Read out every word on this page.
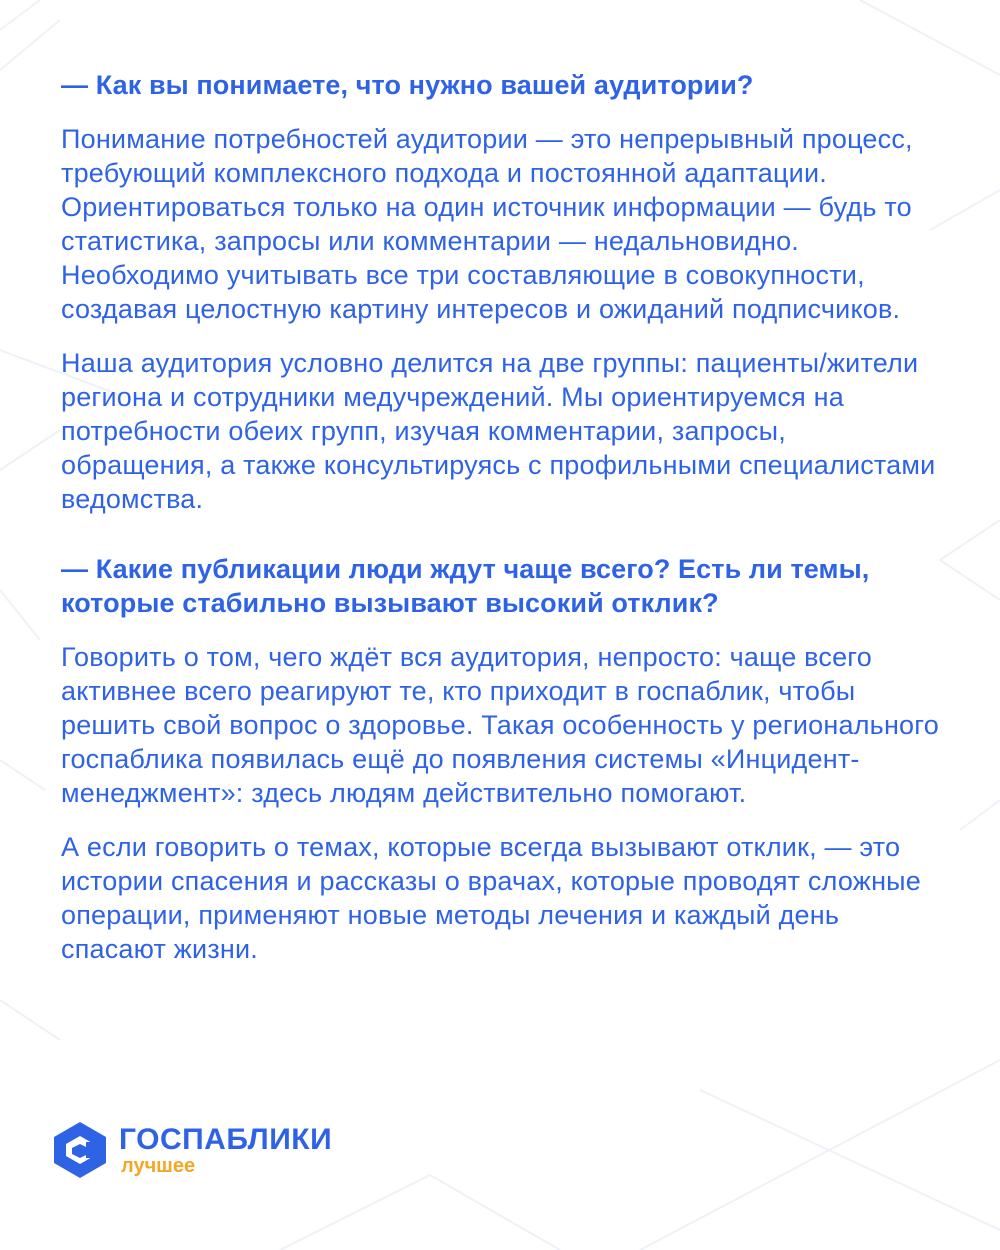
— Как вы понимаете, что нужно вашей аудитории?

Понимание потребностей аудитории — это непрерывный процесс, требующий комплексного подхода и постоянной адаптации. Ориентироваться только на один источник информации — будь то статистика, запросы или комментарии — недальновидно. Необходимо учитывать все три составляющие в совокупности, создавая целостную картину интересов и ожиданий подписчиков.

Наша аудитория условно делится на две группы: пациенты/жители региона и сотрудники медучреждений. Мы ориентируемся на потребности обеих групп, изучая комментарии, запросы, обращения, а также консультируясь с профильными специалистами ведомства.

— Какие публикации люди ждут чаще всего? Есть ли темы, которые стабильно вызывают высокий отклик?

Говорить о том, чего ждёт вся аудитория, непросто: чаще всего активнее всего реагируют те, кто приходит в госпаблик, чтобы решить свой вопрос о здоровье. Такая особенность у регионального госпаблика появилась ещё до появления системы «Инцидент-менеджмент»: здесь людям действительно помогают.

А если говорить о темах, которые всегда вызывают отклик, — это истории спасения и рассказы о врачах, которые проводят сложные операции, применяют новые методы лечения и каждый день спасают жизни.

ГОСПАБЛИКИ
лучшее
